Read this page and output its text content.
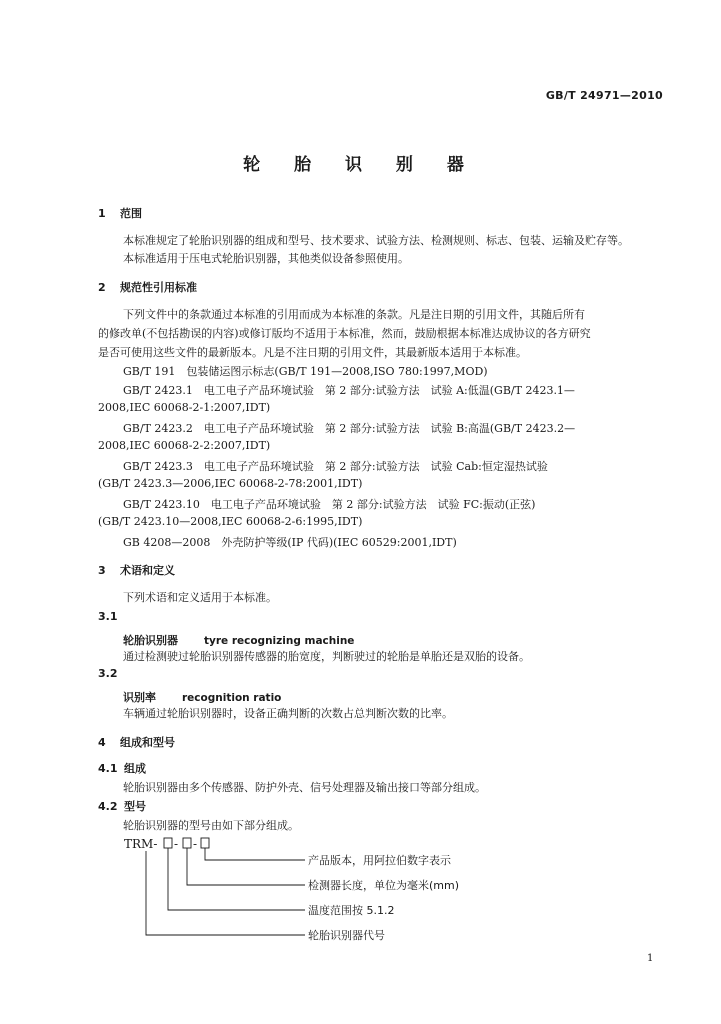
GB/T 24971—2010
轮 胎 识 别 器
1 范围
本标准规定了轮胎识别器的组成和型号、技术要求、试验方法、检测规则、标志、包装、运输及贮存等。
本标准适用于压电式轮胎识别器，其他类似设备参照使用。
2 规范性引用标准
下列文件中的条款通过本标准的引用而成为本标准的条款。凡是注日期的引用文件，其随后所有
的修改单(不包括勘误的内容)或修订版均不适用于本标准，然而，鼓励根据本标准达成协议的各方研究
是否可使用这些文件的最新版本。凡是不注日期的引用文件，其最新版本适用于本标准。
GB/T 191　包装储运图示标志(GB/T 191—2008,ISO 780:1997,MOD)
GB/T 2423.1　电工电子产品环境试验　第 2 部分:试验方法　试验 A:低温(GB/T 2423.1—
2008,IEC 60068-2-1:2007,IDT)
GB/T 2423.2　电工电子产品环境试验　第 2 部分:试验方法　试验 B:高温(GB/T 2423.2—
2008,IEC 60068-2-2:2007,IDT)
GB/T 2423.3　电工电子产品环境试验　第 2 部分:试验方法　试验 Cab:恒定湿热试验
(GB/T 2423.3—2006,IEC 60068-2-78:2001,IDT)
GB/T 2423.10　电工电子产品环境试验　第 2 部分:试验方法　试验 FC:振动(正弦)
(GB/T 2423.10—2008,IEC 60068-2-6:1995,IDT)
GB 4208—2008　外壳防护等级(IP 代码)(IEC 60529:2001,IDT)
3 术语和定义
下列术语和定义适用于本标准。
3.1
轮胎识别器 tyre recognizing machine
通过检测驶过轮胎识别器传感器的胎宽度，判断驶过的轮胎是单胎还是双胎的设备。
3.2
识别率 recognition ratio
车辆通过轮胎识别器时，设备正确判断的次数占总判断次数的比率。
4 组成和型号
4.1 组成
轮胎识别器由多个传感器、防护外壳、信号处理器及输出接口等部分组成。
4.2 型号
轮胎识别器的型号由如下部分组成。
TRM- - -
产品版本，用阿拉伯数字表示
检测器长度，单位为毫米(mm)
温度范围按 5.1.2
轮胎识别器代号
1
